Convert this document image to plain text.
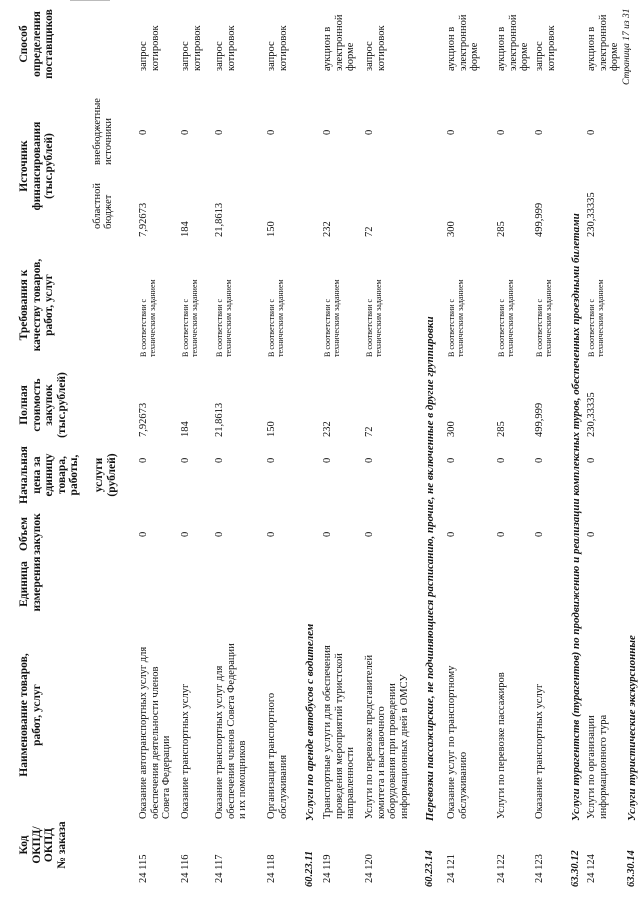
Код ОКПД/ ОКПД № заказа
Наименование товаров, работ, услуг
Единица измерения
Объем закупок
Начальная цена за единицу товара, работы, услуги (рублей)
Полная стоимость закупок (тыс.рублей)
Требования к качеству товаров, работ, услуг
Источник финансирования (тыс.рублей)
Способ определения поставщиков
областной бюджет
внебюджетные источники
24 115
Оказание автотранспортных услуг для обеспечения деятельности членов Совета Федерации
0
0
7,92673
В соответствии с техническим заданием
7,92673
0
запрос котировок
24 116
Оказание транспортных услуг
0
0
184
В соответствии с техническим заданием
184
0
запрос котировок
24 117
Оказание транспортных услуг для обеспечения членов Совета Федерации и их помощников
0
0
21,8613
В соответствии с техническим заданием
21,8613
0
запрос котировок
24 118
Организация транспортного обслуживания
0
0
150
В соответствии с техническим заданием
150
0
запрос котировок
60.23.11
Услуги по аренде автобусов с водителем
24 119
Транспортные услуги для обеспечения проведения мероприятий туристской направленности
0
0
232
В соответствии с техническим заданием
232
0
аукцион в электронной форме
24 120
Услуги по перевозке представителей комитета и выставочного оборудования при проведении информационных дней в ОМСУ
0
0
72
В соответствии с техническим заданием
72
0
запрос котировок
60.23.14
Перевозки пассажирские, не подчиняющиеся расписанию, прочие, не включенные в другие группировки
24 121
Оказание услуг по транспортному обслуживанию
0
0
300
В соответствии с техническим заданием
300
0
аукцион в электронной форме
24 122
Услуги по перевозке пассажиров
0
0
285
В соответствии с техническим заданием
285
0
аукцион в электронной форме
24 123
Оказание транспортных услуг
0
0
499,999
В соответствии с техническим заданием
499,999
0
запрос котировок
63.30.12
Услуги турагентств (турагентов) по продвижению и реализации комплексных туров, обеспеченных проездными билетами
24 124
Услуги по организации информационного тура
0
0
230,33335
В соответствии с техническим заданием
230,33335
0
аукцион в электронной форме
63.30.14
Услуги туристические экскурсионные
Страница 17 из 31
